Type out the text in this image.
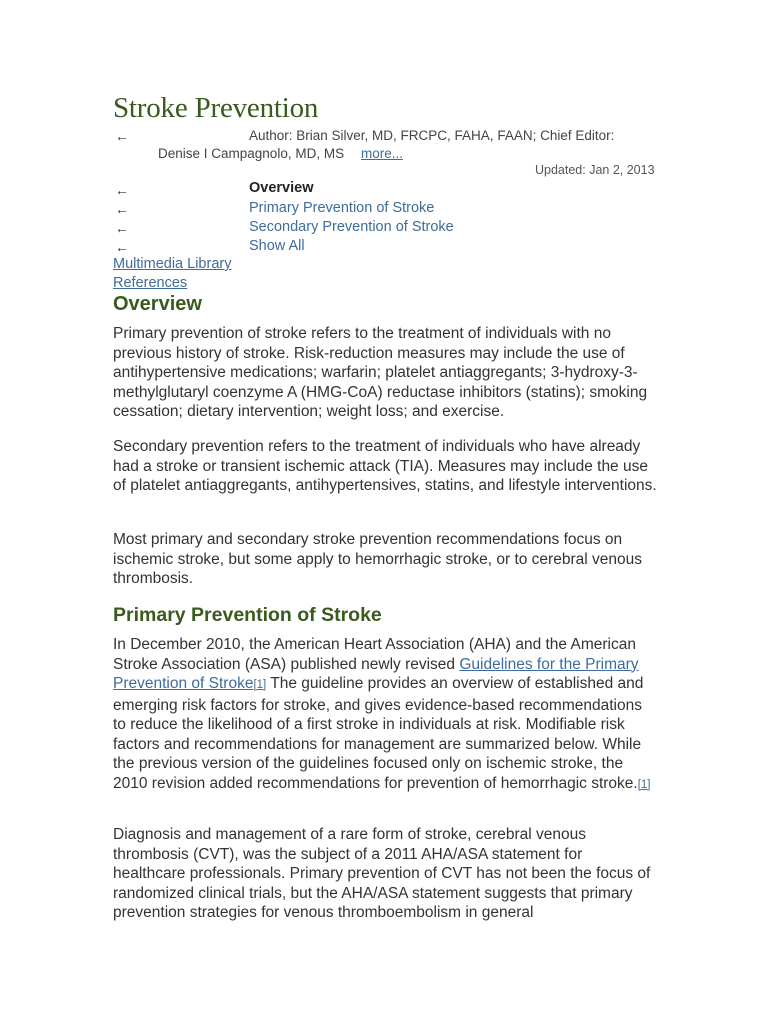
Stroke Prevention
←	Author: Brian Silver, MD, FRCPC, FAHA, FAAN; Chief Editor:
Denise I Campagnolo, MD, MS more...
Updated: Jan 2, 2013
←	Overview
←	Primary Prevention of Stroke
←	Secondary Prevention of Stroke
←	Show All
Multimedia Library
References
Overview

Primary prevention of stroke refers to the treatment of individuals with no previous history of stroke. Risk-reduction measures may include the use of antihypertensive medications; warfarin; platelet antiaggregants; 3-hydroxy-3-methylglutaryl coenzyme A (HMG-CoA) reductase inhibitors (statins); smoking cessation; dietary intervention; weight loss; and exercise.

Secondary prevention refers to the treatment of individuals who have already had a stroke or transient ischemic attack (TIA). Measures may include the use of platelet antiaggregants, antihypertensives, statins, and lifestyle interventions.

Most primary and secondary stroke prevention recommendations focus on ischemic stroke, but some apply to hemorrhagic stroke, or to cerebral venous thrombosis.

Primary Prevention of Stroke

In December 2010, the American Heart Association (AHA) and the American Stroke Association (ASA) published newly revised Guidelines for the Primary Prevention of Stroke[1] The guideline provides an overview of established and emerging risk factors for stroke, and gives evidence-based recommendations to reduce the likelihood of a first stroke in individuals at risk. Modifiable risk factors and recommendations for management are summarized below. While the previous version of the guidelines focused only on ischemic stroke, the 2010 revision added recommendations for prevention of hemorrhagic stroke.[1]

Diagnosis and management of a rare form of stroke, cerebral venous thrombosis (CVT), was the subject of a 2011 AHA/ASA statement for healthcare professionals. Primary prevention of CVT has not been the focus of randomized clinical trials, but the AHA/ASA statement suggests that primary prevention strategies for venous thromboembolism in general
